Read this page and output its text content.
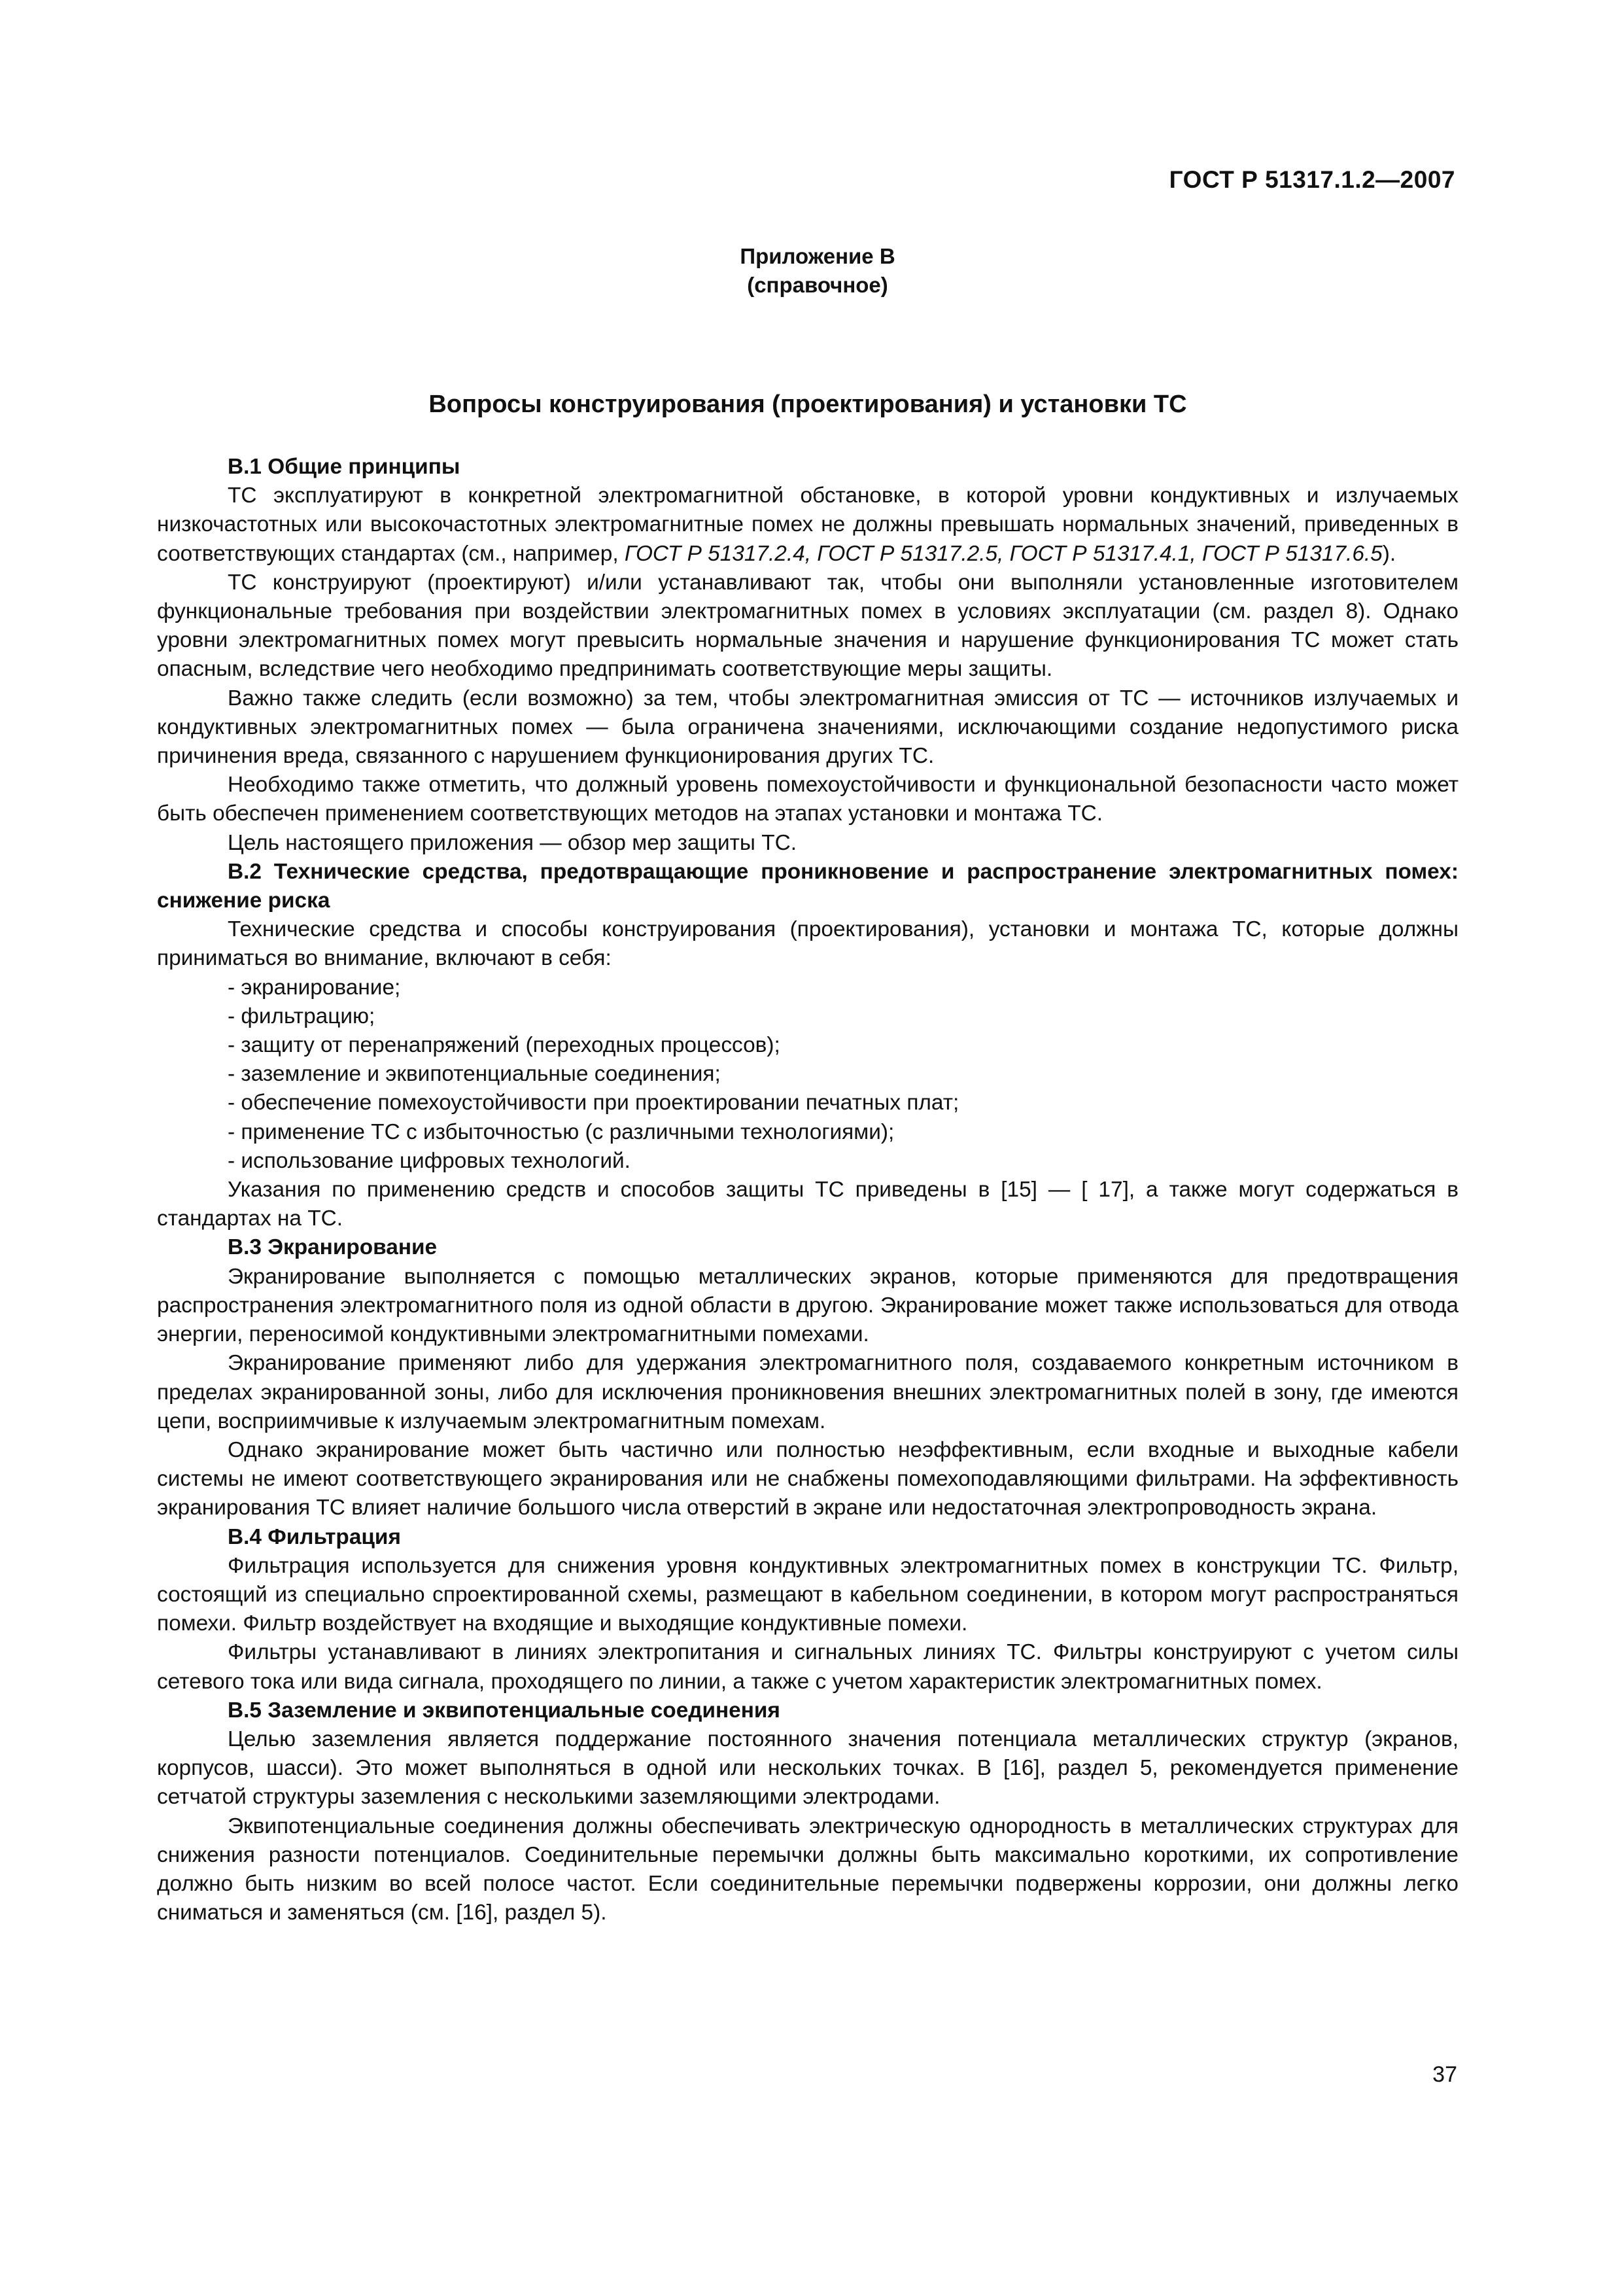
ГОСТ Р 51317.1.2—2007
Приложение В
(справочное)
Вопросы конструирования (проектирования) и установки ТС
В.1 Общие принципы

ТС эксплуатируют в конкретной электромагнитной обстановке, в которой уровни кондуктивных и излучаемых низкочастотных или высокочастотных электромагнитные помех не должны превышать нормальных значений, приведенных в соответствующих стандартах (см., например, ГОСТ Р 51317.2.4, ГОСТ Р 51317.2.5, ГОСТ Р 51317.4.1, ГОСТ Р 51317.6.5).

ТС конструируют (проектируют) и/или устанавливают так, чтобы они выполняли установленные изготовителем функциональные требования при воздействии электромагнитных помех в условиях эксплуатации (см. раздел 8). Однако уровни электромагнитных помех могут превысить нормальные значения и нарушение функционирования ТС может стать опасным, вследствие чего необходимо предпринимать соответствующие меры защиты.

Важно также следить (если возможно) за тем, чтобы электромагнитная эмиссия от ТС — источников излучаемых и кондуктивных электромагнитных помех — была ограничена значениями, исключающими создание недопустимого риска причинения вреда, связанного с нарушением функционирования других ТС.

Необходимо также отметить, что должный уровень помехоустойчивости и функциональной безопасности часто может быть обеспечен применением соответствующих методов на этапах установки и монтажа ТС.

Цель настоящего приложения — обзор мер защиты ТС.

В.2 Технические средства, предотвращающие проникновение и распространение электромагнитных помех: снижение риска

Технические средства и способы конструирования (проектирования), установки и монтажа ТС, которые должны приниматься во внимание, включают в себя:

- экранирование;
- фильтрацию;
- защиту от перенапряжений (переходных процессов);
- заземление и эквипотенциальные соединения;
- обеспечение помехоустойчивости при проектировании печатных плат;
- применение ТС с избыточностью (с различными технологиями);
- использование цифровых технологий.

Указания по применению средств и способов защиты ТС приведены в [15] — [ 17], а также могут содержаться в стандартах на ТС.

В.3 Экранирование

Экранирование выполняется с помощью металлических экранов, которые применяются для предотвращения распространения электромагнитного поля из одной области в другою. Экранирование может также использоваться для отвода энергии, переносимой кондуктивными электромагнитными помехами.

Экранирование применяют либо для удержания электромагнитного поля, создаваемого конкретным источником в пределах экранированной зоны, либо для исключения проникновения внешних электромагнитных полей в зону, где имеются цепи, восприимчивые к излучаемым электромагнитным помехам.

Однако экранирование может быть частично или полностью неэффективным, если входные и выходные кабели системы не имеют соответствующего экранирования или не снабжены помехоподавляющими фильтрами. На эффективность экранирования ТС влияет наличие большого числа отверстий в экране или недостаточная электропроводность экрана.

В.4 Фильтрация

Фильтрация используется для снижения уровня кондуктивных электромагнитных помех в конструкции ТС. Фильтр, состоящий из специально спроектированной схемы, размещают в кабельном соединении, в котором могут распространяться помехи. Фильтр воздействует на входящие и выходящие кондуктивные помехи.

Фильтры устанавливают в линиях электропитания и сигнальных линиях ТС. Фильтры конструируют с учетом силы сетевого тока или вида сигнала, проходящего по линии, а также с учетом характеристик электромагнитных помех.

В.5 Заземление и эквипотенциальные соединения

Целью заземления является поддержание постоянного значения потенциала металлических структур (экранов, корпусов, шасси). Это может выполняться в одной или нескольких точках. В [16], раздел 5, рекомендуется применение сетчатой структуры заземления с несколькими заземляющими электродами.

Эквипотенциальные соединения должны обеспечивать электрическую однородность в металлических структурах для снижения разности потенциалов. Соединительные перемычки должны быть максимально короткими, их сопротивление должно быть низким во всей полосе частот. Если соединительные перемычки подвержены коррозии, они должны легко сниматься и заменяться (см. [16], раздел 5).

37
